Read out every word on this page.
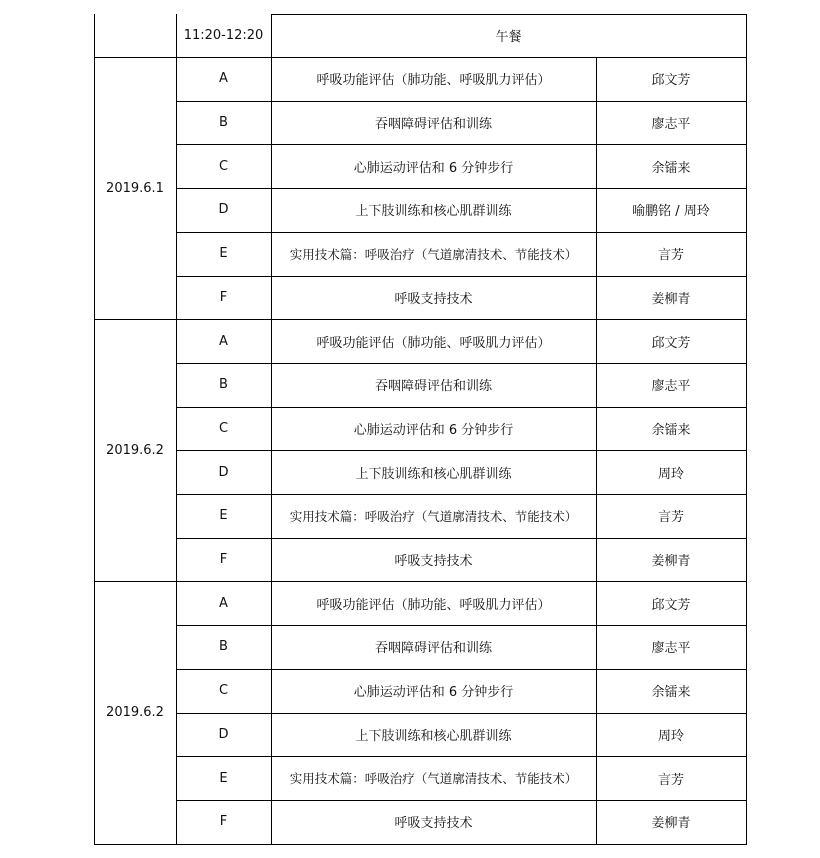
11:20-12:20	午餐
2019.6.1
A	呼吸功能评估（肺功能、呼吸肌力评估）	邱文芳
B	吞咽障碍评估和训练	廖志平
C	心肺运动评估和 6 分钟步行	余镭来
D	上下肢训练和核心肌群训练	喻鹏铭 / 周玲
E	实用技术篇：呼吸治疗（气道廓清技术、节能技术）	言芳
F	呼吸支持技术	姜柳青
2019.6.2
A	呼吸功能评估（肺功能、呼吸肌力评估）	邱文芳
B	吞咽障碍评估和训练	廖志平
C	心肺运动评估和 6 分钟步行	余镭来
D	上下肢训练和核心肌群训练	周玲
E	实用技术篇：呼吸治疗（气道廓清技术、节能技术）	言芳
F	呼吸支持技术	姜柳青
2019.6.2
A	呼吸功能评估（肺功能、呼吸肌力评估）	邱文芳
B	吞咽障碍评估和训练	廖志平
C	心肺运动评估和 6 分钟步行	余镭来
D	上下肢训练和核心肌群训练	周玲
E	实用技术篇：呼吸治疗（气道廓清技术、节能技术）	言芳
F	呼吸支持技术	姜柳青
